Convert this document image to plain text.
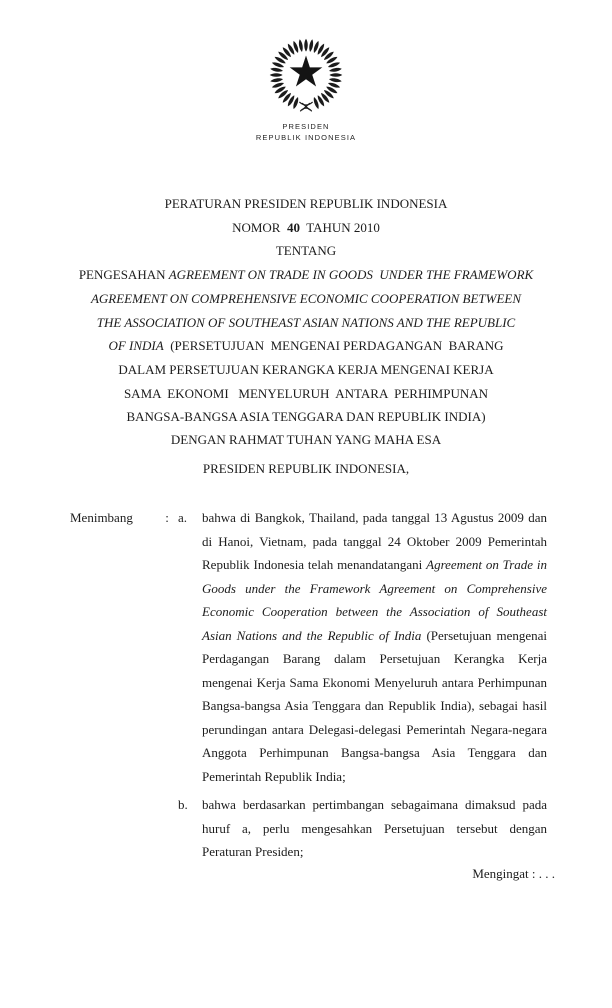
PRESIDEN
REPUBLIK INDONESIA
PERATURAN PRESIDEN REPUBLIK INDONESIA
NOMOR  40  TAHUN 2010
TENTANG
PENGESAHAN AGREEMENT ON TRADE IN GOODS  UNDER THE FRAMEWORK
AGREEMENT ON COMPREHENSIVE ECONOMIC COOPERATION BETWEEN
THE ASSOCIATION OF SOUTHEAST ASIAN NATIONS AND THE REPUBLIC
OF INDIA  (PERSETUJUAN  MENGENAI PERDAGANGAN  BARANG
DALAM PERSETUJUAN KERANGKA KERJA MENGENAI KERJA
SAMA  EKONOMI   MENYELURUH  ANTARA  PERHIMPUNAN
BANGSA-BANGSA ASIA TENGGARA DAN REPUBLIK INDIA)
DENGAN RAHMAT TUHAN YANG MAHA ESA
PRESIDEN REPUBLIK INDONESIA,
Menimbang	: a.	bahwa di Bangkok, Thailand, pada tanggal 13 Agustus 2009 dan di Hanoi, Vietnam, pada tanggal 24 Oktober 2009 Pemerintah Republik Indonesia telah menandatangani Agreement on Trade in Goods under the Framework Agreement on Comprehensive Economic Cooperation between the Association of Southeast Asian Nations and the Republic of India (Persetujuan mengenai Perdagangan Barang dalam Persetujuan Kerangka Kerja mengenai Kerja Sama Ekonomi Menyeluruh antara Perhimpunan Bangsa-bangsa Asia Tenggara dan Republik India), sebagai hasil perundingan antara Delegasi-delegasi Pemerintah Negara-negara Anggota Perhimpunan Bangsa-bangsa Asia Tenggara dan Pemerintah Republik India;

b.	bahwa berdasarkan pertimbangan sebagaimana dimaksud pada huruf a, perlu mengesahkan Persetujuan tersebut dengan Peraturan Presiden;

Mengingat : . . .
